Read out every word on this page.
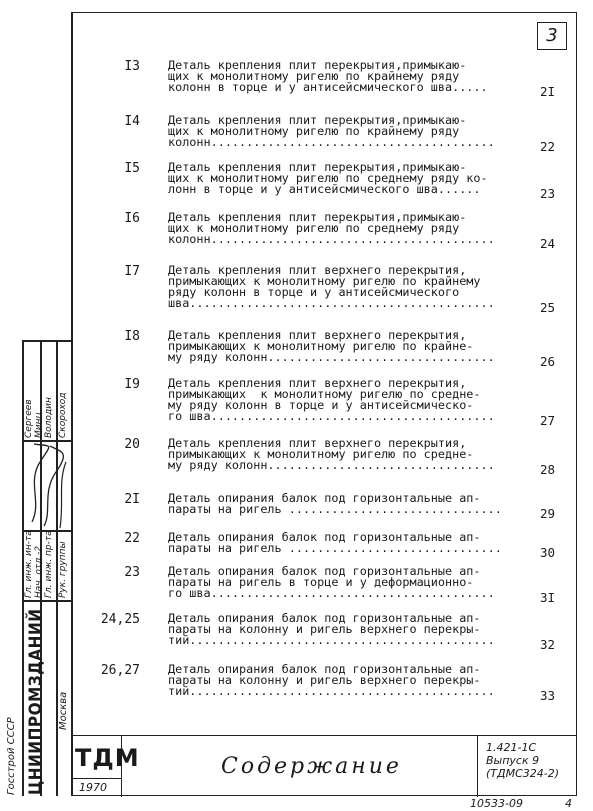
3
I3 Деталь крепления плит перекрытия,примыкаю-
щих к монолитному ригелю по крайнему ряду
колонн в торце и у антисейсмического шва.....	2I
I4 Деталь крепления плит перекрытия,примыкаю-
щих к монолитному ригелю по крайнему ряду
колонн........................................	22
I5 Деталь крепления плит перекрытия,примыкаю-
щих к монолитному ригелю по среднему ряду ко-
лонн в торце и у антисейсмического шва......	23
I6 Деталь крепления плит перекрытия,примыкаю-
щих к монолитному ригелю по среднему ряду
колонн........................................	24
I7 Деталь крепления плит верхнего перекрытия,
примыкающих к монолитному ригелю по крайнему
ряду колонн в торце и у антисейсмического
шва...........................................	25
I8 Деталь крепления плит верхнего перекрытия,
примыкающих к монолитному ригелю по крайне-
му ряду колонн................................	26
I9 Деталь крепления плит верхнего перекрытия,
примыкающих  к монолитному ригелю по средне-
му ряду колонн в торце и у антисейсмическо-
го шва........................................	27
20 Деталь крепления плит верхнего перекрытия,
примыкающих к монолитному ригелю по средне-
му ряду колонн................................	28
2I Деталь опирания балок под горизонтальные ап-
параты на ригель ..............................	29
22 Деталь опирания балок под горизонтальные ап-
параты на ригель ..............................	30
23 Деталь опирания балок под горизонтальные ап-
параты на ригель в торце и у деформационно-
го шва........................................	3I
24,25 Деталь опирания балок под горизонтальные ап-
параты на колонну и ригель верхнего перекры-
тий...........................................	32
26,27 Деталь опирания балок под горизонтальные ап-
параты на колонну и ригель верхнего перекры-
тий...........................................	33
Госстрой СССР ЦНИИПРОМЗДАНИЙ Москва
Гл. инж. ин-та Нач. отд.-2 Гл. инж. пр-та Рук. группы
Сергеев Минц Володин Скороход
ТДМ
1970
Содержание
1.421-1С
Выпуск 9
(ТДМС324-2)
10533-09	4
